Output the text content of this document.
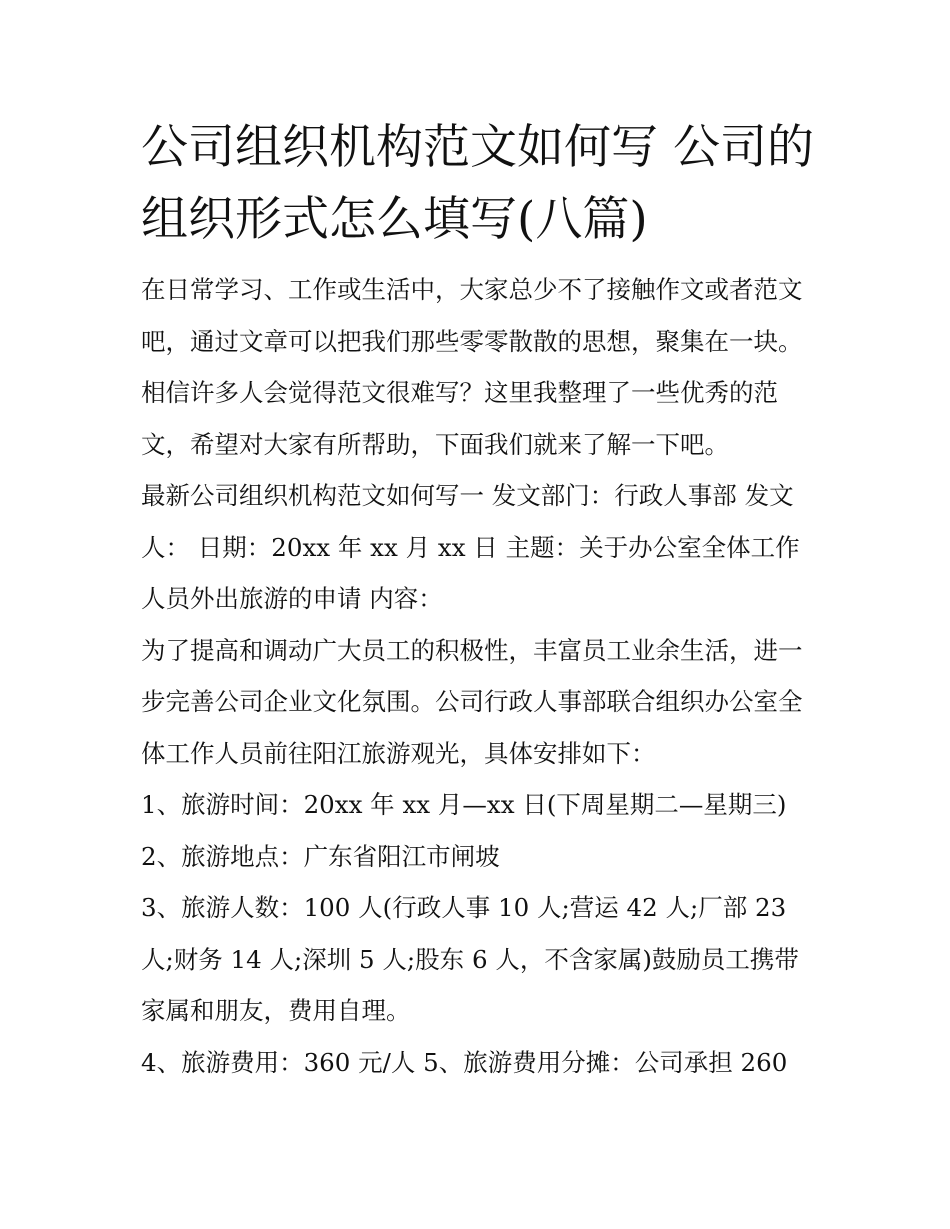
公司组织机构范文如何写 公司的组织形式怎么填写(八篇)

在日常学习、工作或生活中，大家总少不了接触作文或者范文吧，通过文章可以把我们那些零零散散的思想，聚集在一块。相信许多人会觉得范文很难写？这里我整理了一些优秀的范文，希望对大家有所帮助，下面我们就来了解一下吧。

最新公司组织机构范文如何写一 发文部门：行政人事部 发文人： 日期：20xx 年 xx 月 xx 日 主题：关于办公室全体工作人员外出旅游的申请 内容：

为了提高和调动广大员工的积极性，丰富员工业余生活，进一步完善公司企业文化氛围。公司行政人事部联合组织办公室全体工作人员前往阳江旅游观光，具体安排如下：

1、旅游时间：20xx 年 xx 月—xx 日(下周星期二—星期三) 2、旅游地点：广东省阳江市闸坡

3、旅游人数：100 人(行政人事 10 人;营运 42 人;厂部 23 人;财务 14 人;深圳 5 人;股东 6 人，不含家属)鼓励员工携带家属和朋友，费用自理。

4、旅游费用：360 元/人 5、旅游费用分摊：公司承担 260
